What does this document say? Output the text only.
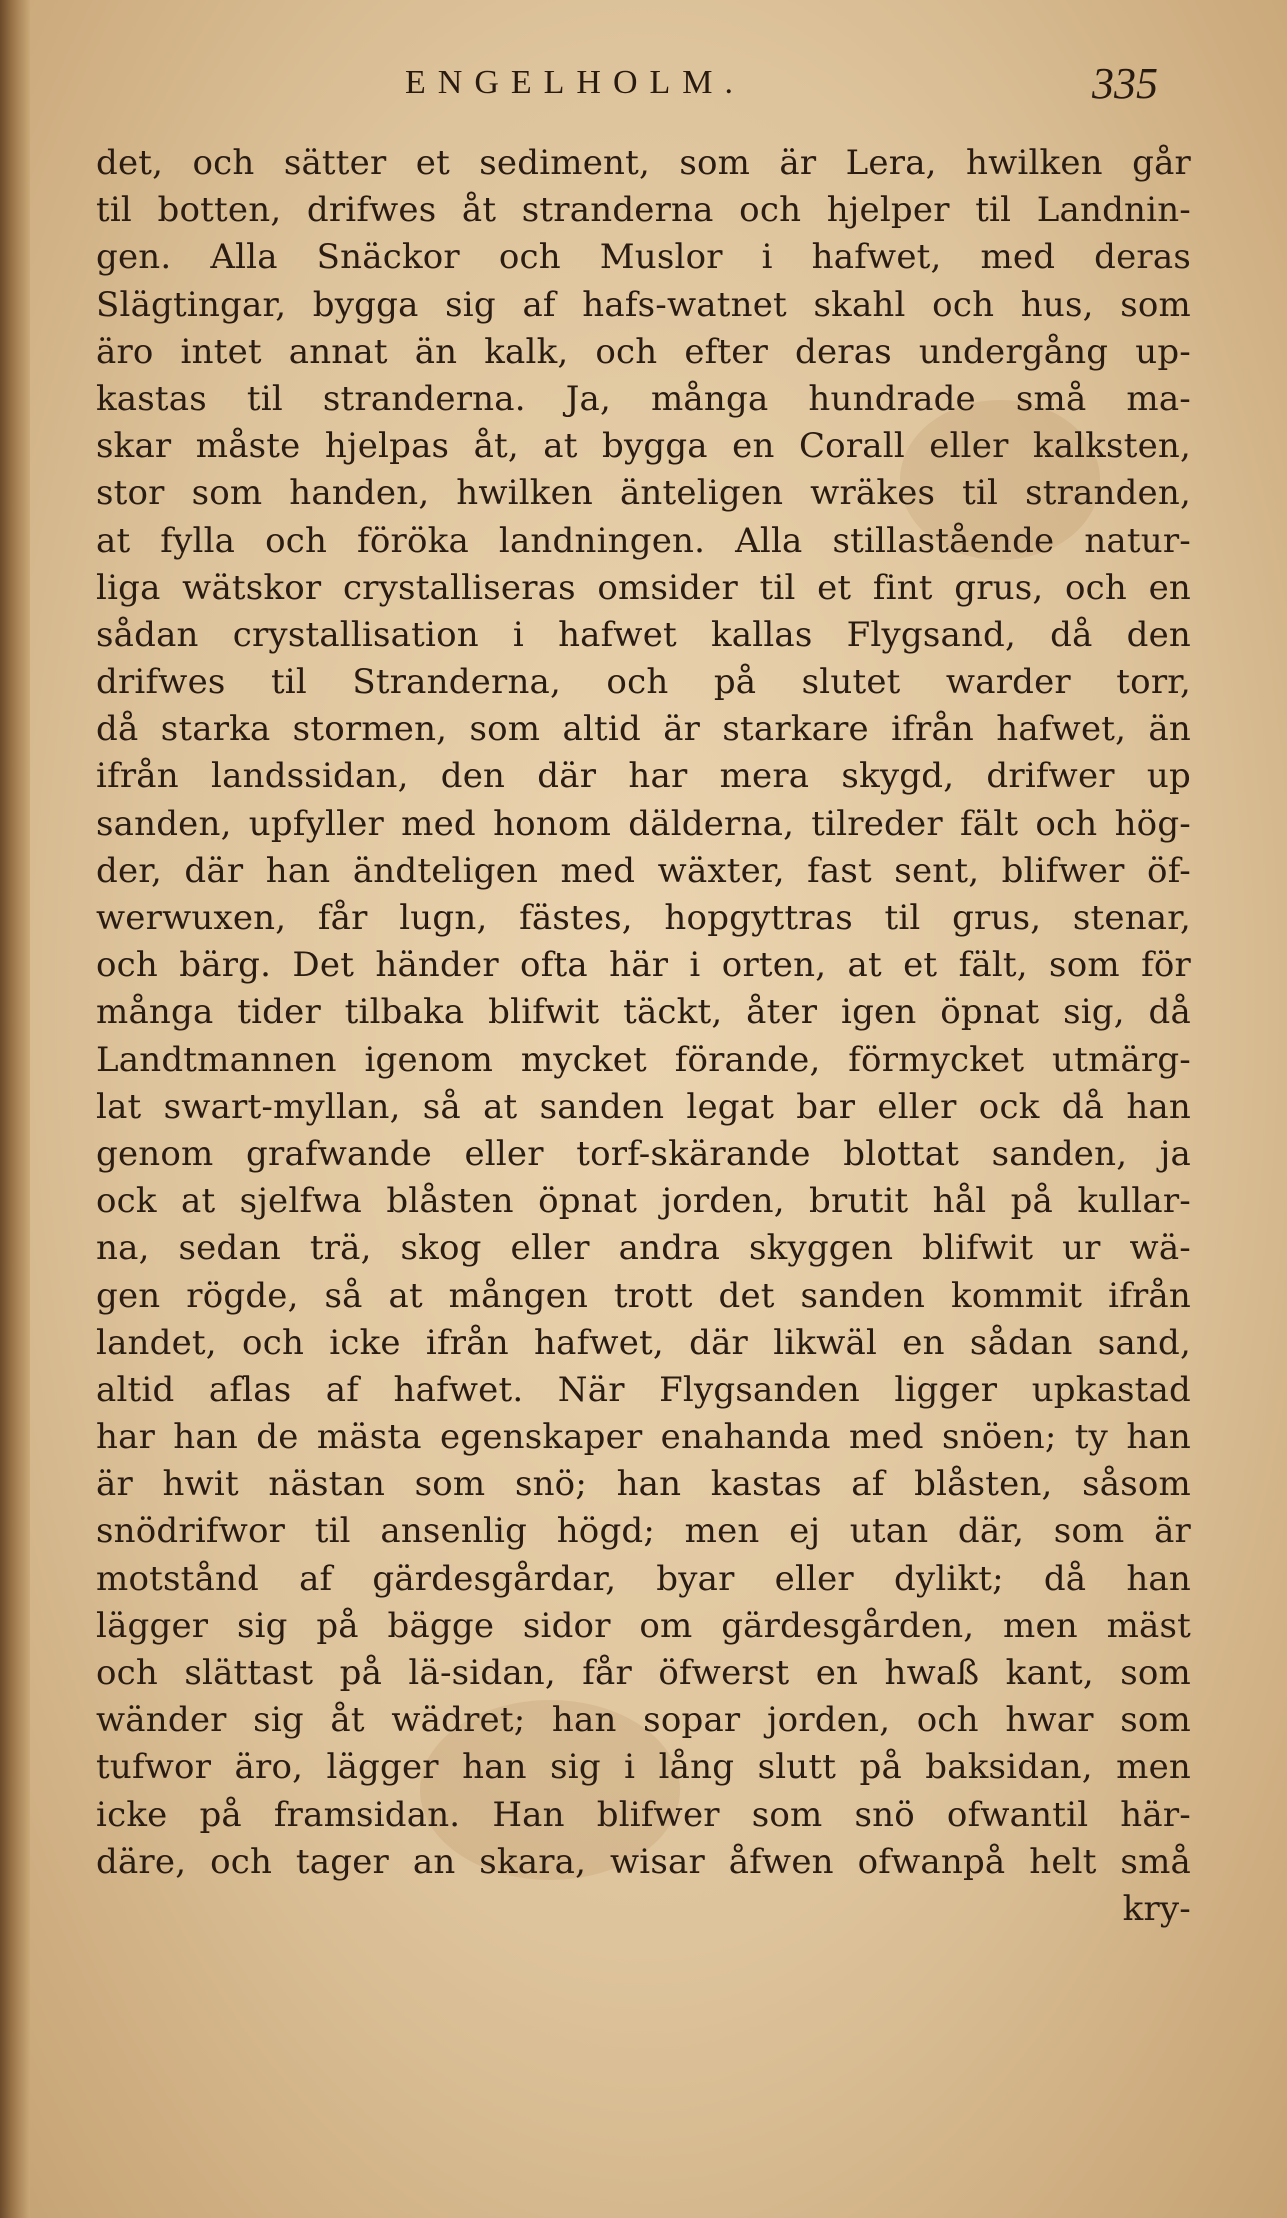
ENGELHOLM.	335
det, och sätter et sediment, som är Lera, hwilken går
til botten, drifwes åt stranderna och hjelper til Landnin-
gen. Alla Snäckor och Muslor i hafwet, med deras
Slägtingar, bygga sig af hafs-watnet skahl och hus, som
äro intet annat än kalk, och efter deras undergång up-
kastas til stranderna. Ja, många hundrade små ma-
skar måste hjelpas åt, at bygga en Corall eller kalksten,
stor som handen, hwilken änteligen wräkes til stranden,
at fylla och föröka landningen. Alla stillastående natur-
liga wätskor crystalliseras omsider til et fint grus, och en
sådan crystallisation i hafwet kallas Flygsand, då den
drifwes til Stranderna, och på slutet warder torr,
då starka stormen, som altid är starkare ifrån hafwet, än
ifrån landssidan, den där har mera skygd, drifwer up
sanden, upfyller med honom dälderna, tilreder fält och hög-
der, där han ändteligen med wäxter, fast sent, blifwer öf-
werwuxen, får lugn, fästes, hopgyttras til grus, stenar,
och bärg. Det händer ofta här i orten, at et fält, som för
många tider tilbaka blifwit täckt, åter igen öpnat sig, då
Landtmannen igenom mycket förande, förmycket utmärg-
lat swart-myllan, så at sanden legat bar eller ock då han
genom grafwande eller torf-skärande blottat sanden, ja
ock at sjelfwa blåsten öpnat jorden, brutit hål på kullar-
na, sedan trä, skog eller andra skyggen blifwit ur wä-
gen rögde, så at mången trott det sanden kommit ifrån
landet, och icke ifrån hafwet, där likwäl en sådan sand,
altid aflas af hafwet. När Flygsanden ligger upkastad
har han de mästa egenskaper enahanda med snöen; ty han
är hwit nästan som snö; han kastas af blåsten, såsom
snödrifwor til ansenlig högd; men ej utan där, som är
motstånd af gärdesgårdar, byar eller dylikt; då han
lägger sig på bägge sidor om gärdesgården, men mäst
och slättast på lä-sidan, får öfwerst en hwaß kant, som
wänder sig åt wädret; han sopar jorden, och hwar som
tufwor äro, lägger han sig i lång slutt på baksidan, men
icke på framsidan. Han blifwer som snö ofwantil här-
däre, och tager an skara, wisar åfwen ofwanpå helt små
kry-
